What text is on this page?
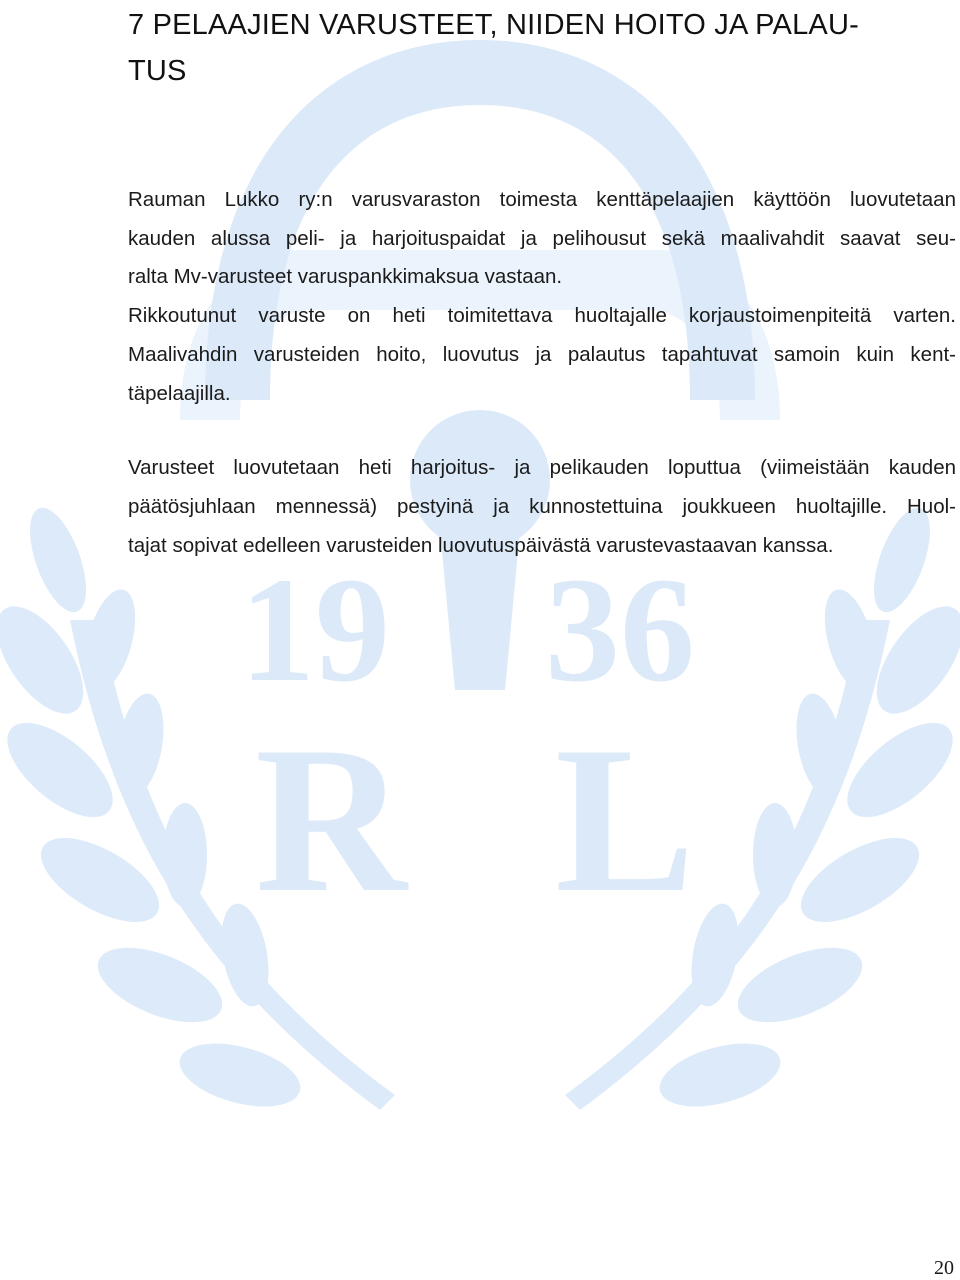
19 36
R L
7 PELAAJIEN VARUSTEET, NIIDEN HOITO JA PALAU-
TUS

Rauman Lukko ry:n varusvaraston toimesta kenttäpelaajien käyttöön luovutetaan
kauden alussa peli- ja harjoituspaidat ja pelihousut sekä maalivahdit saavat seu-
ralta Mv-varusteet varuspankkimaksua vastaan.

Rikkoutunut varuste on heti toimitettava huoltajalle korjaustoimenpiteitä varten.
Maalivahdin varusteiden hoito, luovutus ja palautus tapahtuvat samoin kuin kent-
täpelaajilla.

Varusteet luovutetaan heti harjoitus- ja pelikauden loputtua (viimeistään kauden
päätösjuhlaan mennessä) pestyinä ja kunnostettuina joukkueen huoltajille. Huol-
tajat sopivat edelleen varusteiden luovutuspäivästä varustevastaavan kanssa.

20
